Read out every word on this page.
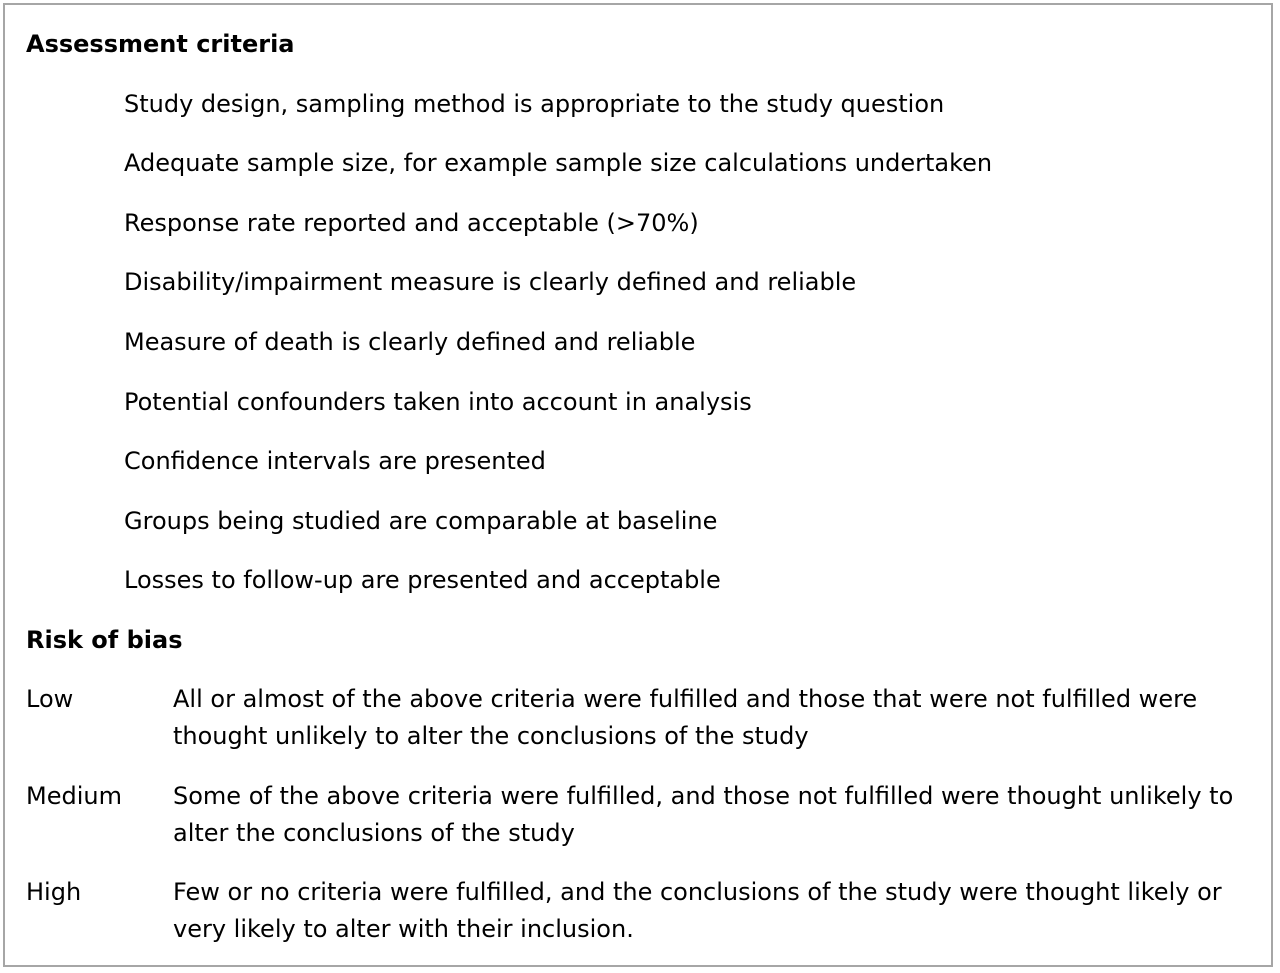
Assessment criteria
Study design, sampling method is appropriate to the study question
Adequate sample size, for example sample size calculations undertaken
Response rate reported and acceptable (>70%)
Disability/impairment measure is clearly defined and reliable
Measure of death is clearly defined and reliable
Potential confounders taken into account in analysis
Confidence intervals are presented
Groups being studied are comparable at baseline
Losses to follow-up are presented and acceptable
Risk of bias
Low	All or almost of the above criteria were fulfilled and those that were not fulfilled were
thought unlikely to alter the conclusions of the study
Medium Some of the above criteria were fulfilled, and those not fulfilled were thought unlikely to
alter the conclusions of the study
High	Few or no criteria were fulfilled, and the conclusions of the study were thought likely or
very likely to alter with their inclusion.
